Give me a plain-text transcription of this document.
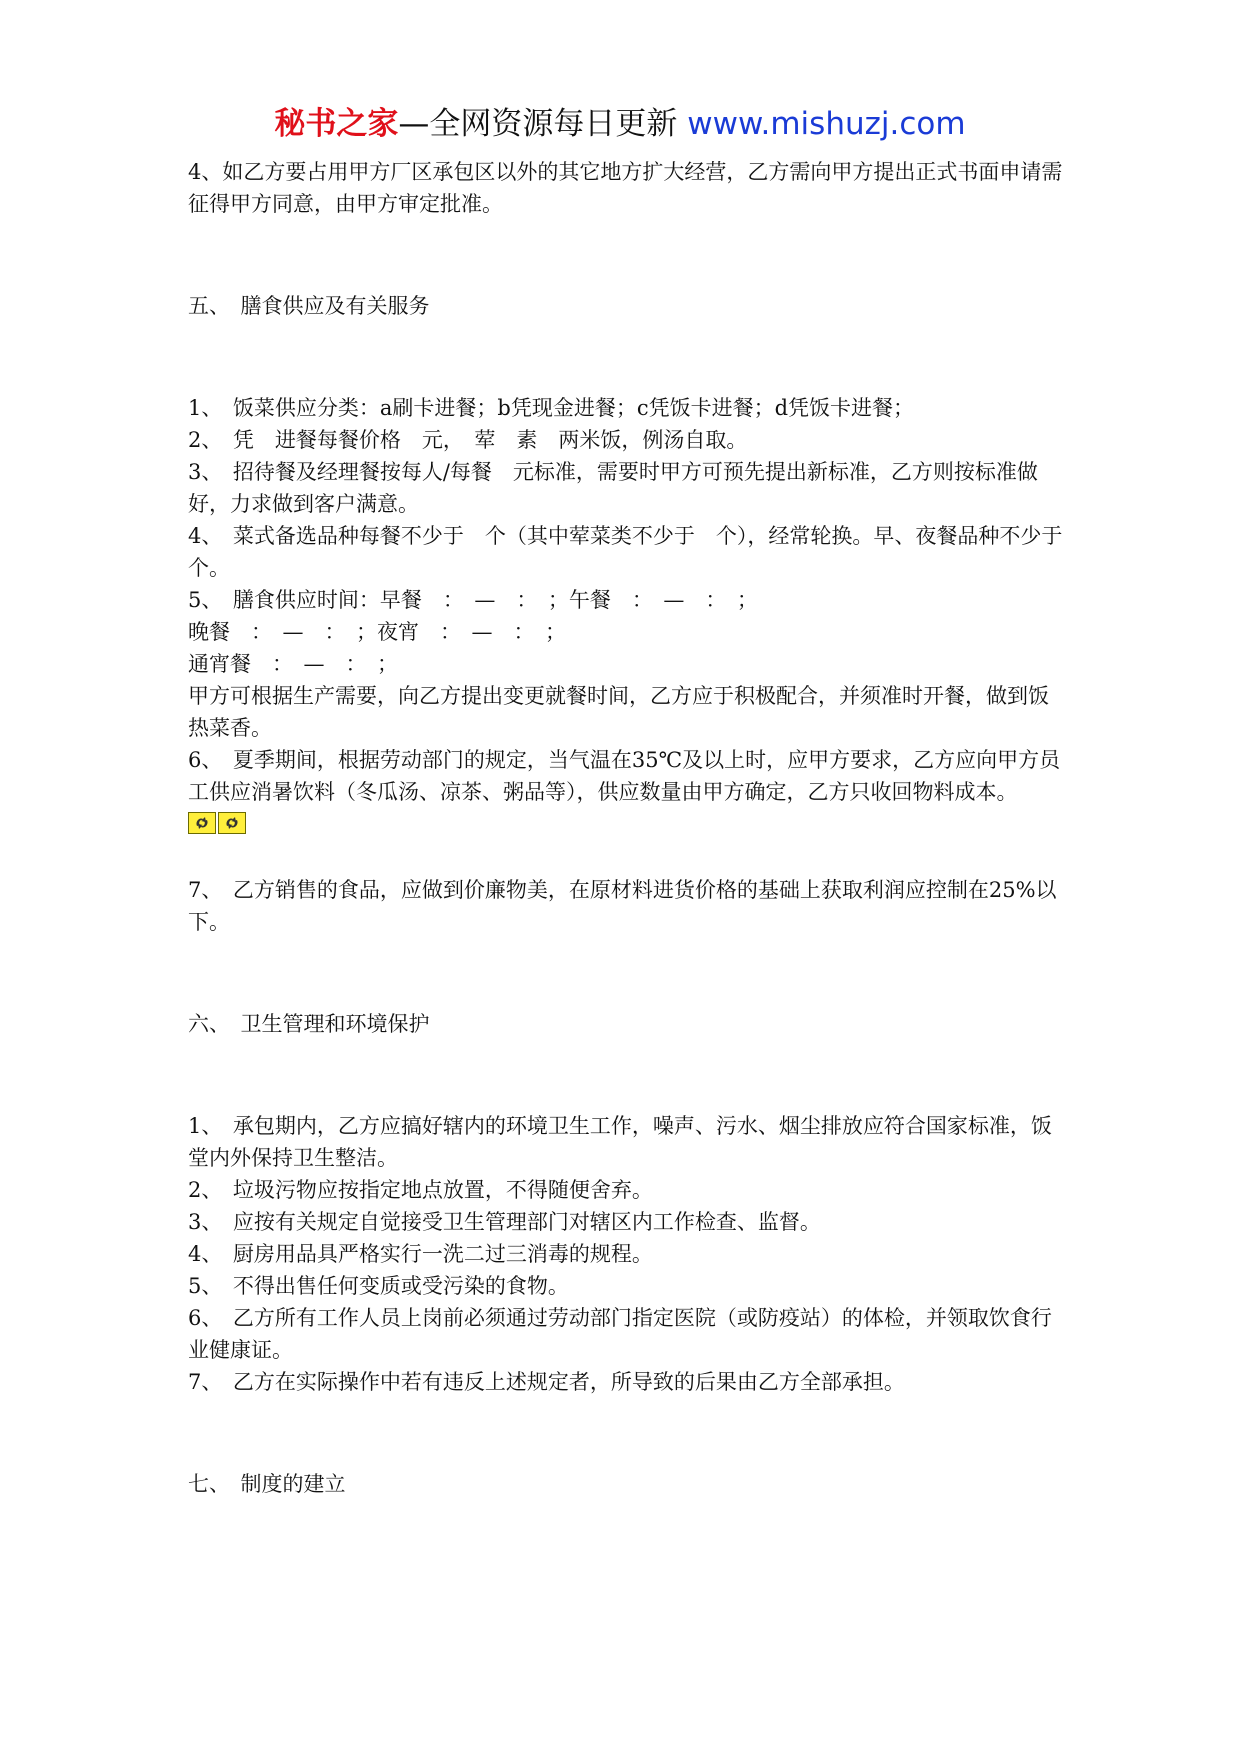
秘书之家—全网资源每日更新 www.mishuzj.com

4、如乙方要占用甲方厂区承包区以外的其它地方扩大经营，乙方需向甲方提出正式书面申请需征得甲方同意，由甲方审定批准。

五、　膳食供应及有关服务

1、　饭菜供应分类：a刷卡进餐；b凭现金进餐；c凭饭卡进餐；d凭饭卡进餐；

2、　凭　进餐每餐价格　元，　荤　素　两米饭，例汤自取。

3、　招待餐及经理餐按每人/每餐　元标准，需要时甲方可预先提出新标准，乙方则按标准做好，力求做到客户满意。

4、　菜式备选品种每餐不少于　个（其中荤菜类不少于　个），经常轮换。早、夜餐品种不少于　个。

5、　膳食供应时间：早餐　：　—　：　；午餐　：　—　：　；

晚餐　：　—　：　；夜宵　：　—　：　；

通宵餐　：　—　：　；

甲方可根据生产需要，向乙方提出变更就餐时间，乙方应于积极配合，并须准时开餐，做到饭热菜香。

6、　夏季期间，根据劳动部门的规定，当气温在35℃及以上时，应甲方要求，乙方应向甲方员工供应消暑饮料（冬瓜汤、凉茶、粥品等），供应数量由甲方确定，乙方只收回物料成本。

7、　乙方销售的食品，应做到价廉物美，在原材料进货价格的基础上获取利润应控制在25%以下。

六、　卫生管理和环境保护

1、　承包期内，乙方应搞好辖内的环境卫生工作，噪声、污水、烟尘排放应符合国家标准，饭堂内外保持卫生整洁。

2、　垃圾污物应按指定地点放置，不得随便舍弃。

3、　应按有关规定自觉接受卫生管理部门对辖区内工作检查、监督。

4、　厨房用品具严格实行一洗二过三消毒的规程。

5、　不得出售任何变质或受污染的食物。

6、　乙方所有工作人员上岗前必须通过劳动部门指定医院（或防疫站）的体检，并领取饮食行业健康证。

7、　乙方在实际操作中若有违反上述规定者，所导致的后果由乙方全部承担。

七、　制度的建立
